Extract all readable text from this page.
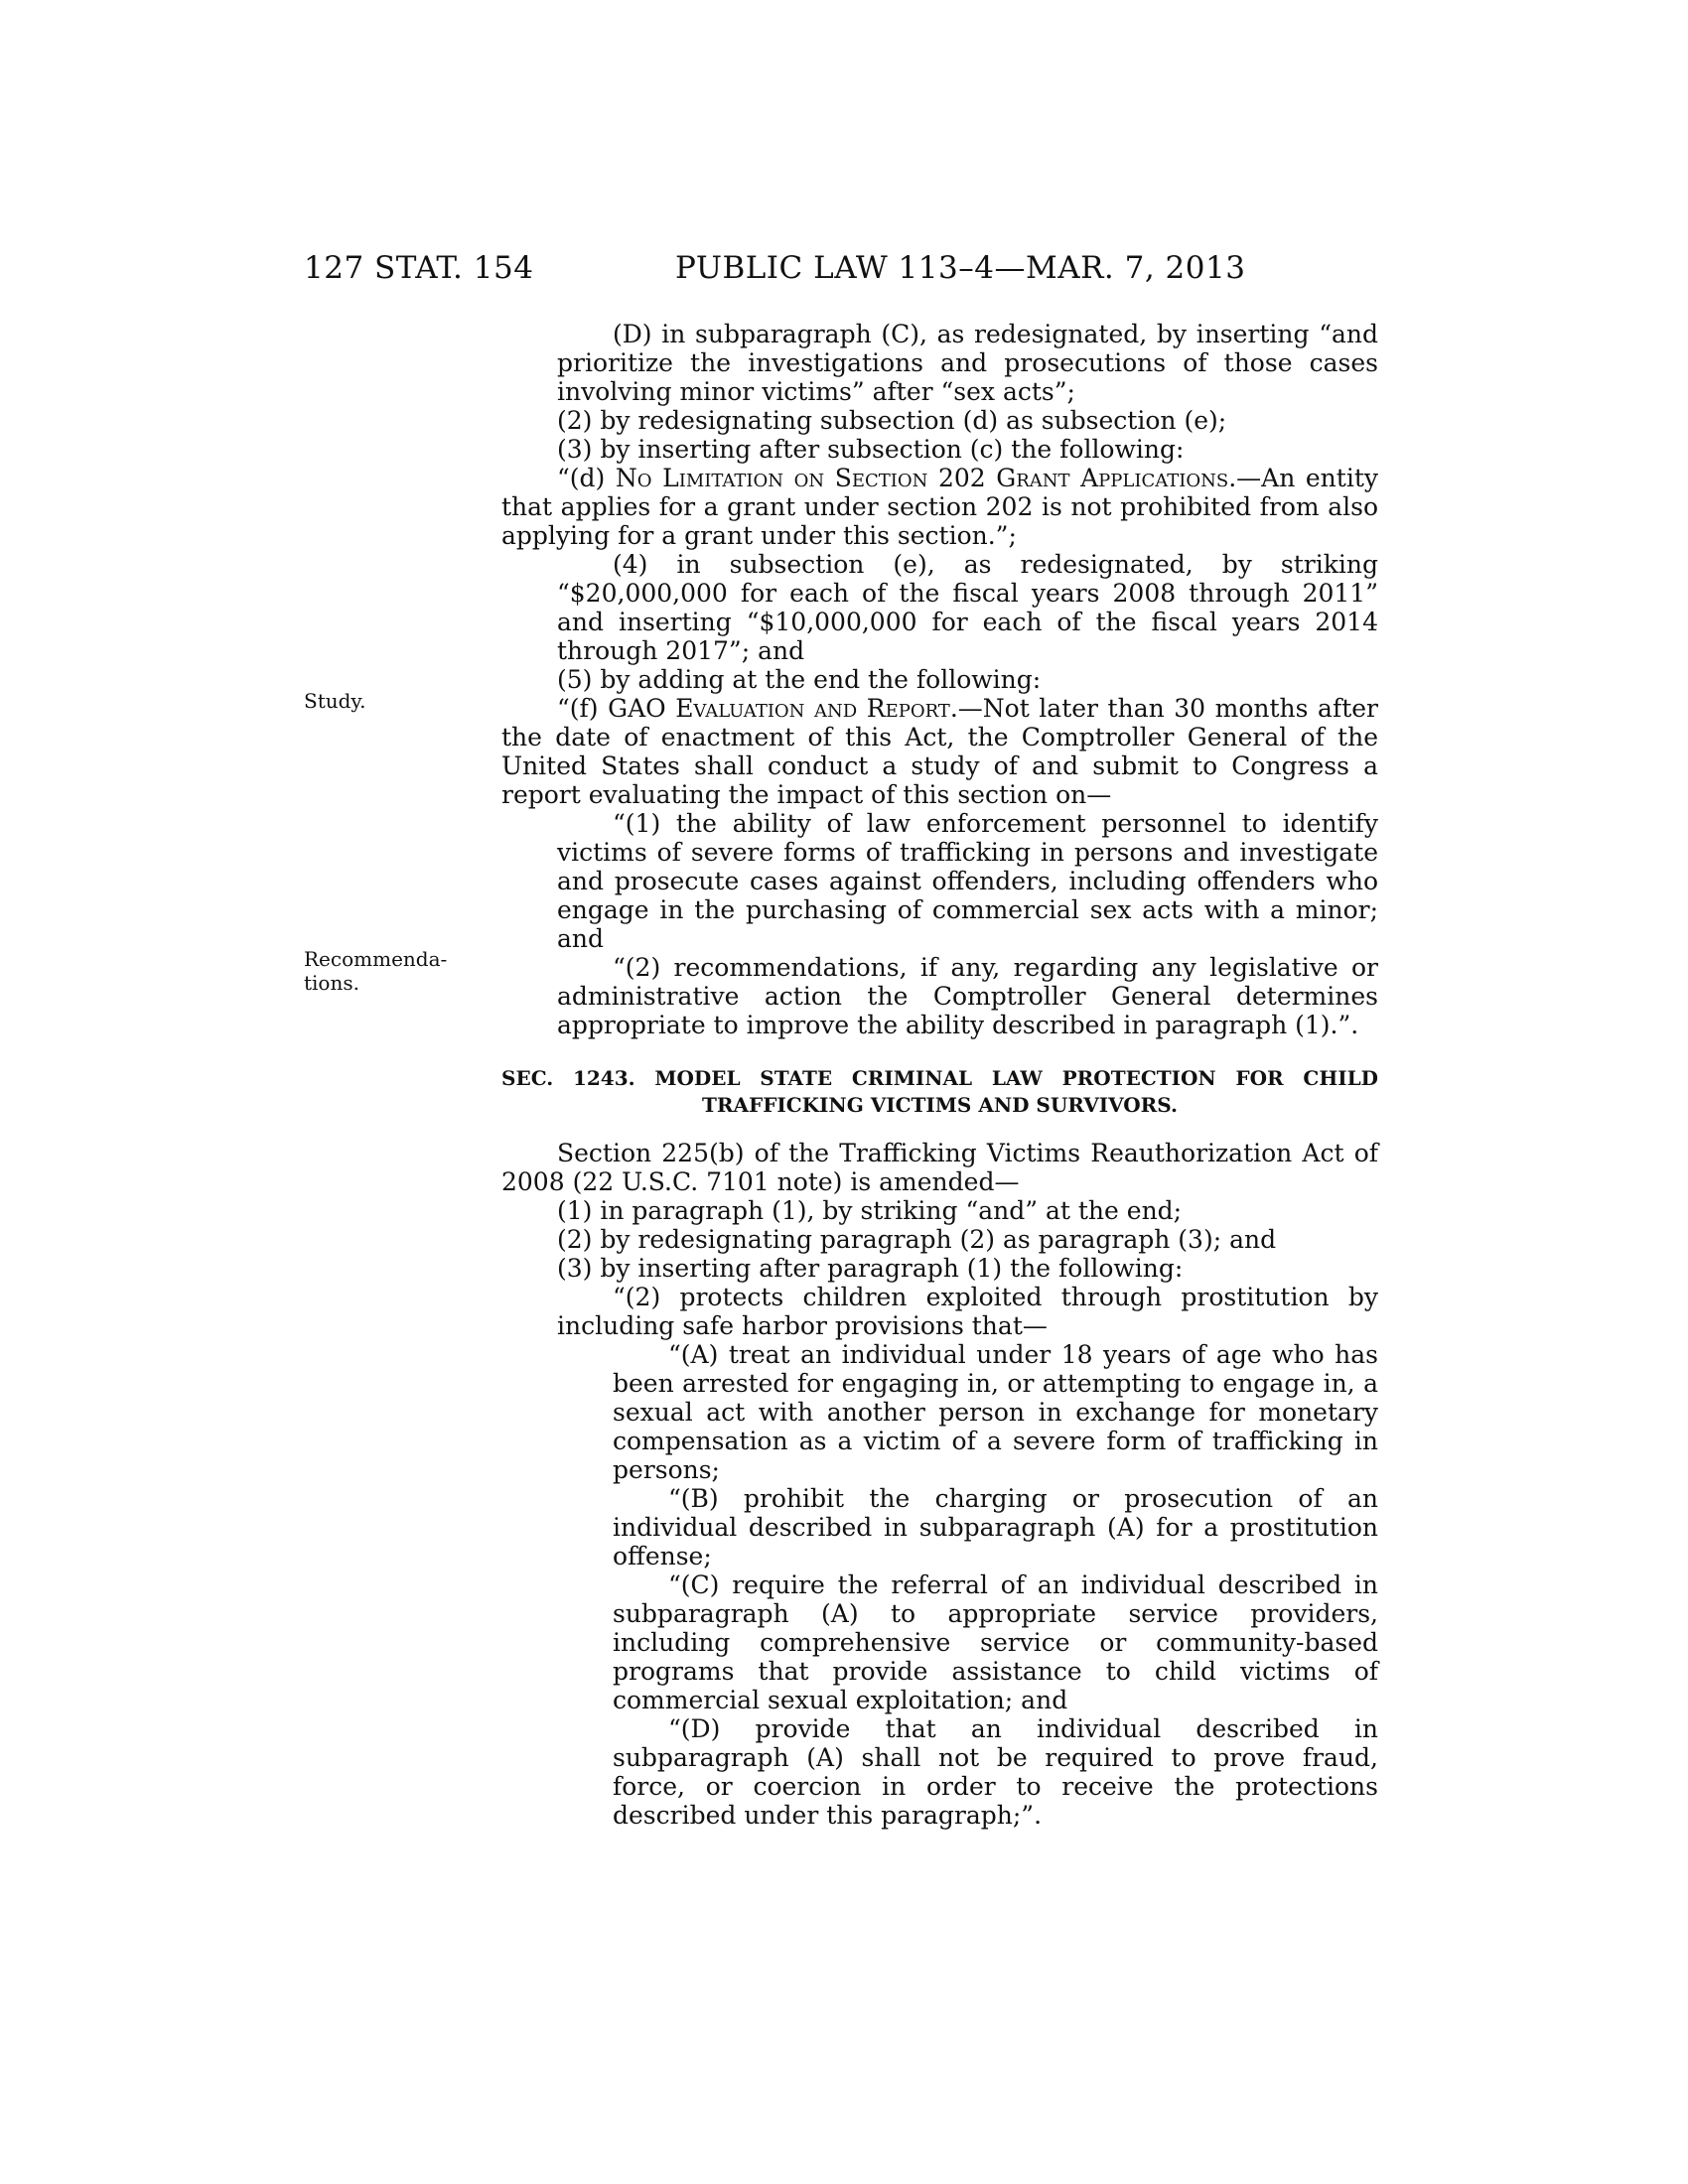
127 STAT. 154	PUBLIC LAW 113–4—MAR. 7, 2013
Study.
Recommenda-
tions.

(D) in subparagraph (C), as redesignated, by inserting “and prioritize the investigations and prosecutions of those cases involving minor victims” after “sex acts”;

(2) by redesignating subsection (d) as subsection (e);

(3) by inserting after subsection (c) the following:

“(d) No Limitation on Section 202 Grant Applications.—An entity that applies for a grant under section 202 is not prohibited from also applying for a grant under this section.”;

(4) in subsection (e), as redesignated, by striking “$20,000,000 for each of the fiscal years 2008 through 2011” and inserting “$10,000,000 for each of the fiscal years 2014 through 2017”; and

(5) by adding at the end the following:

“(f) GAO Evaluation and Report.—Not later than 30 months after the date of enactment of this Act, the Comptroller General of the United States shall conduct a study of and submit to Congress a report evaluating the impact of this section on—

“(1) the ability of law enforcement personnel to identify victims of severe forms of trafficking in persons and investigate and prosecute cases against offenders, including offenders who engage in the purchasing of commercial sex acts with a minor; and

“(2) recommendations, if any, regarding any legislative or administrative action the Comptroller General determines appropriate to improve the ability described in paragraph (1).”.

SEC. 1243. MODEL STATE CRIMINAL LAW PROTECTION FOR CHILD
TRAFFICKING VICTIMS AND SURVIVORS.

Section 225(b) of the Trafficking Victims Reauthorization Act of 2008 (22 U.S.C. 7101 note) is amended—

(1) in paragraph (1), by striking “and” at the end;

(2) by redesignating paragraph (2) as paragraph (3); and

(3) by inserting after paragraph (1) the following:

“(2) protects children exploited through prostitution by including safe harbor provisions that—

“(A) treat an individual under 18 years of age who has been arrested for engaging in, or attempting to engage in, a sexual act with another person in exchange for monetary compensation as a victim of a severe form of trafficking in persons;

“(B) prohibit the charging or prosecution of an individual described in subparagraph (A) for a prostitution offense;

“(C) require the referral of an individual described in subparagraph (A) to appropriate service providers, including comprehensive service or community-based programs that provide assistance to child victims of commercial sexual exploitation; and

“(D) provide that an individual described in subparagraph (A) shall not be required to prove fraud, force, or coercion in order to receive the protections described under this paragraph;”.
